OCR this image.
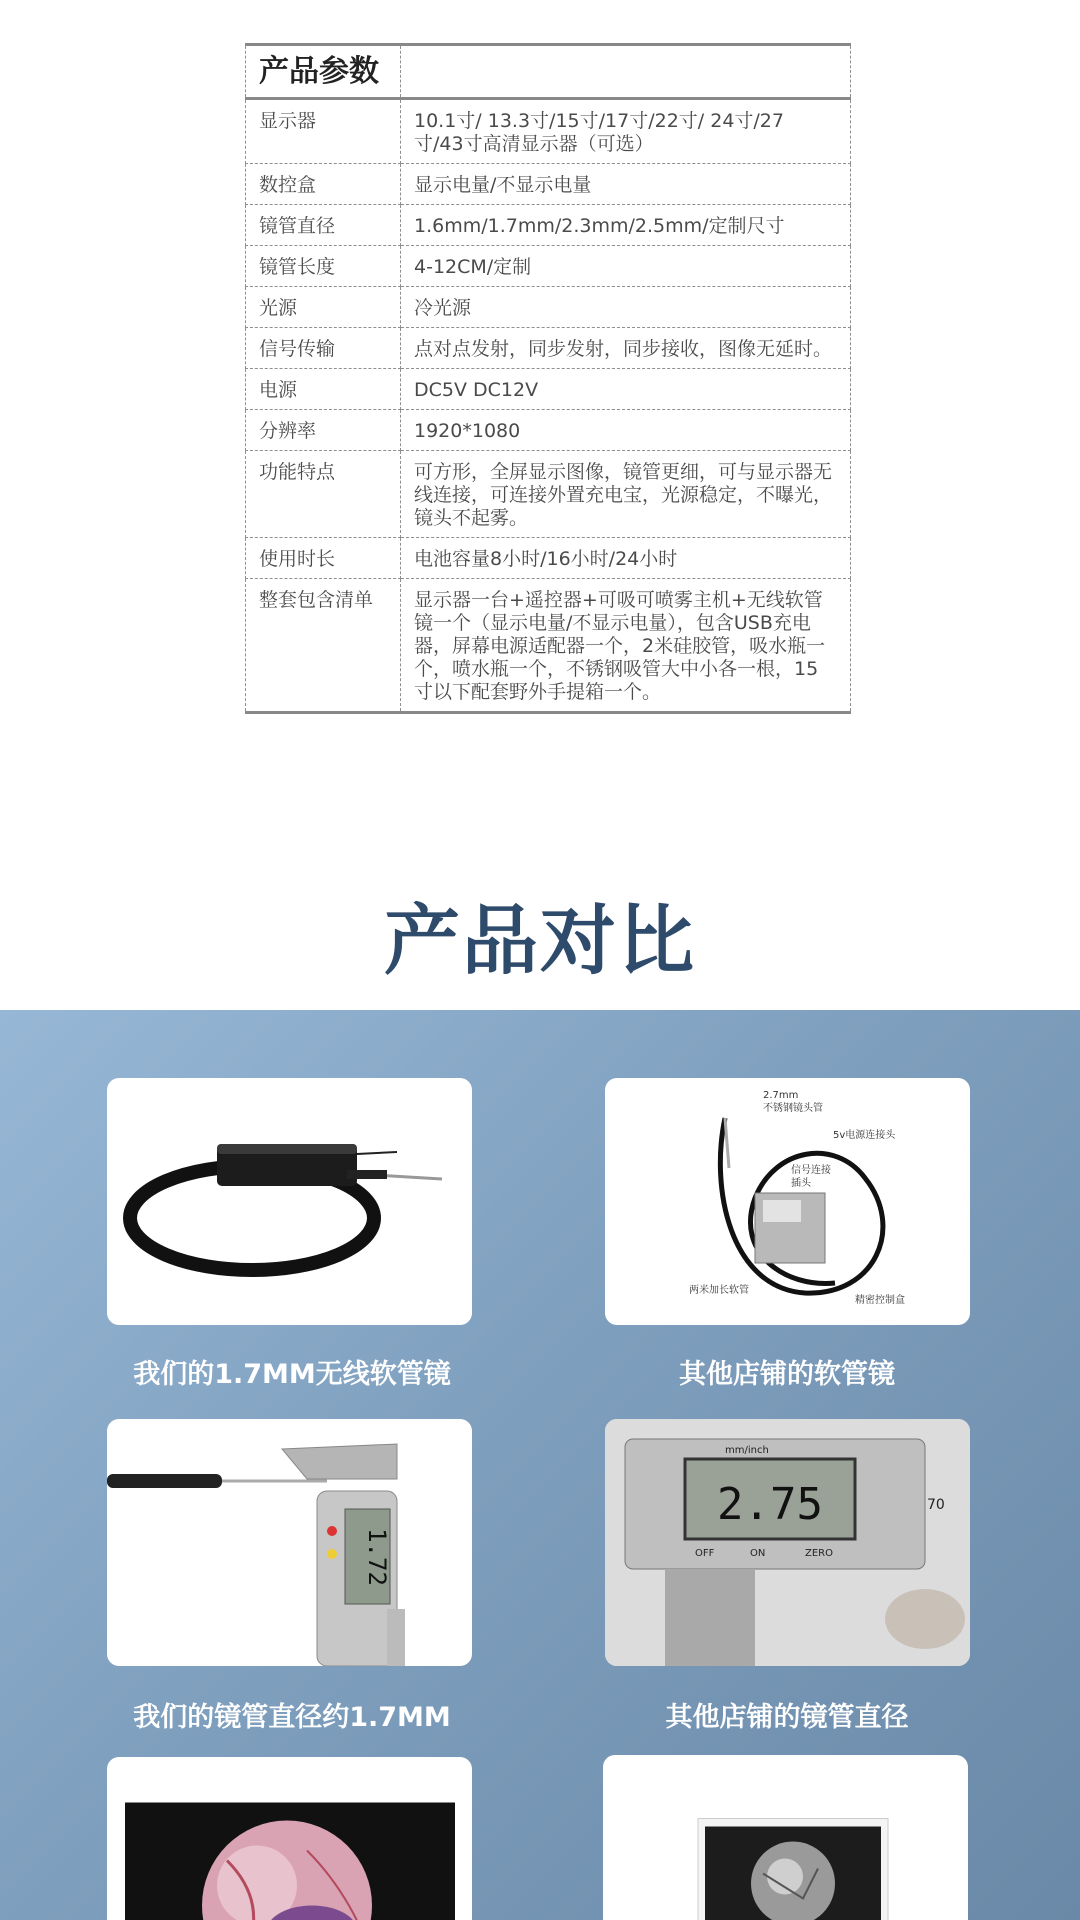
产品参数	
显示器	10.1寸/ 13.3寸/15寸/17寸/22寸/ 24寸/27寸/43寸高清显示器（可选）
数控盒	显示电量/不显示电量
镜管直径	1.6mm/1.7mm/2.3mm/2.5mm/定制尺寸
镜管长度	4-12CM/定制
光源	冷光源
信号传输	点对点发射，同步发射，同步接收，图像无延时。
电源	DC5V DC12V
分辨率	1920*1080
功能特点	可方形，全屏显示图像，镜管更细，可与显示器无线连接，可连接外置充电宝，光源稳定，不曝光，镜头不起雾。
使用时长	电池容量8小时/16小时/24小时
整套包含清单	显示器一台+遥控器+可吸可喷雾主机+无线软管镜一个（显示电量/不显示电量），包含USB充电器，屏幕电源适配器一个，2米硅胶管，吸水瓶一个，喷水瓶一个，不锈钢吸管大中小各一根，15寸以下配套野外手提箱一个。
产品对比
2.7mm
不锈钢镜头管
5v电源连接头
信号连接
插头
两米加长软管
精密控制盒
我们的1.7MM无线软管镜	其他店铺的软管镜
1.72
2.75
mm/inch
OFF	ON	ZERO
70
我们的镜管直径约1.7MM	其他店铺的镜管直径
